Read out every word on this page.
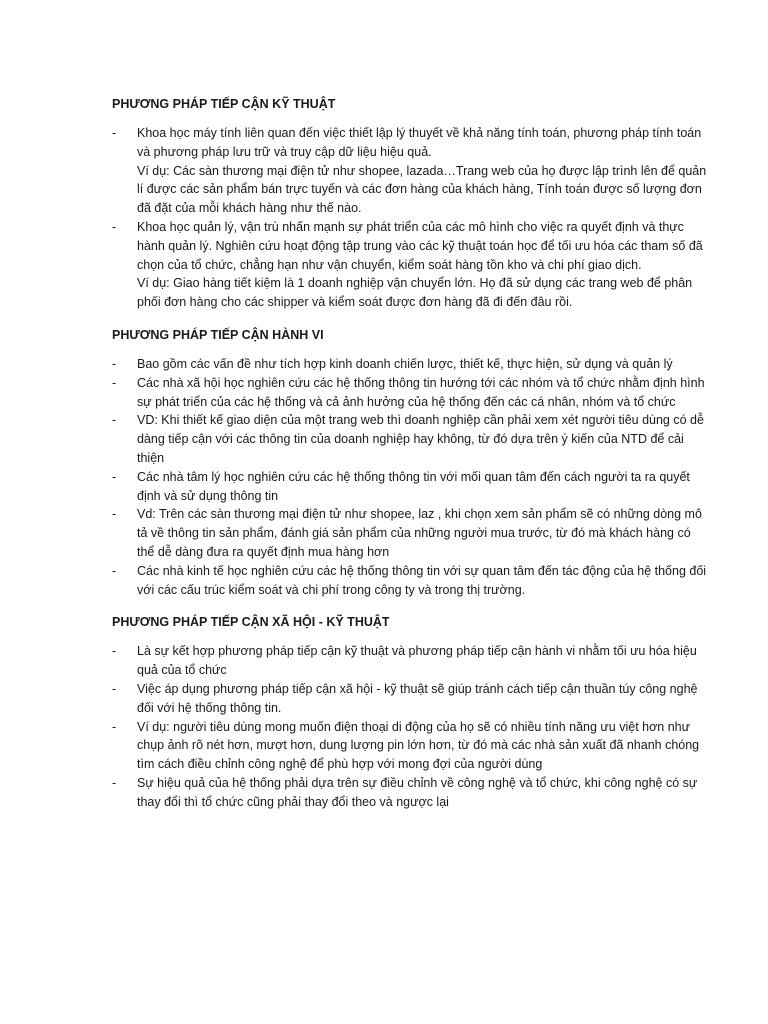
PHƯƠNG PHÁP TIẾP CẬN KỸ THUẬT
-	Khoa học máy tính liên quan đến việc thiết lập lý thuyết về khả năng tính toán, phương pháp tính toán và phương pháp lưu trữ và truy cập dữ liệu hiệu quả.

Ví dụ: Các sàn thương mại điện tử như shopee, lazada…Trang web của họ được lập trình lên để quản lí được các sản phẩm bán trực tuyến và các đơn hàng của khách hàng, Tính toán được số lượng đơn đã đặt của mỗi khách hàng như thế nào.

-	Khoa học quản lý, vận trù nhấn mạnh sự phát triển của các mô hình cho việc ra quyết định và thực hành quản lý. Nghiên cứu hoạt động tập trung vào các kỹ thuật toán học để tối ưu hóa các tham số đã chọn của tổ chức, chẳng hạn như vận chuyển, kiểm soát hàng tồn kho và chi phí giao dịch.

Ví dụ: Giao hàng tiết kiệm là 1 doanh nghiệp vận chuyển lớn. Họ đã sử dụng các trang web để phân phối đơn hàng cho các shipper và kiểm soát được đơn hàng đã đi đến đâu rồi.

PHƯƠNG PHÁP TIẾP CẬN HÀNH VI
-	Bao gồm các vấn đề như tích hợp kinh doanh chiến lược, thiết kế, thực hiện, sử dụng và quản lý

-	Các nhà xã hội học nghiên cứu các hệ thống thông tin hướng tới các nhóm và tổ chức nhằm định hình sự phát triển của các hệ thống và cả ảnh hưởng của hệ thống đến các cá nhân, nhóm và tổ chức

-	VD: Khi thiết kế giao diện của một trang web thì doanh nghiệp cần phải xem xét người tiêu dùng có dễ dàng tiếp cận với các thông tin của doanh nghiệp hay không, từ đó dựa trên ý kiến của NTD để cải thiện

-	Các nhà tâm lý học nghiên cứu các hệ thống thông tin với mối quan tâm đến cách người ta ra quyết định và sử dụng thông tin

-	Vd: Trên các sàn thương mại điện tử như shopee, laz , khi chọn xem sản phẩm sẽ có những dòng mô tả về thông tin sản phẩm, đánh giá sản phẩm của những người mua trước, từ đó mà khách hàng có thể dễ dàng đưa ra quyết định mua hàng hơn

-	Các nhà kinh tế học nghiên cứu các hệ thống thông tin với sự quan tâm đến tác động của hệ thống đối với các cấu trúc kiểm soát và chi phí trong công ty và trong thị trường.

PHƯƠNG PHÁP TIẾP CẬN XÃ HỘI - KỸ THUẬT
-	Là sự kết hợp phương pháp tiếp cận kỹ thuật và phương pháp tiếp cận hành vi nhằm tối ưu hóa hiệu quả của tổ chức

-	Việc áp dụng phương pháp tiếp cận xã hội - kỹ thuật sẽ giúp tránh cách tiếp cận thuần túy công nghệ đối với hệ thống thông tin.

-	Ví dụ: người tiêu dùng mong muốn điện thoại di động của họ sẽ có nhiều tính năng ưu việt hơn như chụp ảnh rõ nét hơn, mượt hơn, dung lượng pin lớn hơn, từ đó mà các nhà sản xuất đã nhanh chóng tìm cách điều chỉnh công nghệ để phù hợp với mong đợi của người dùng

-	Sự hiệu quả của hệ thống phải dựa trên sự điều chỉnh về công nghệ và tổ chức, khi công nghệ có sự thay đổi thì tổ chức cũng phải thay đổi theo và ngược lại
